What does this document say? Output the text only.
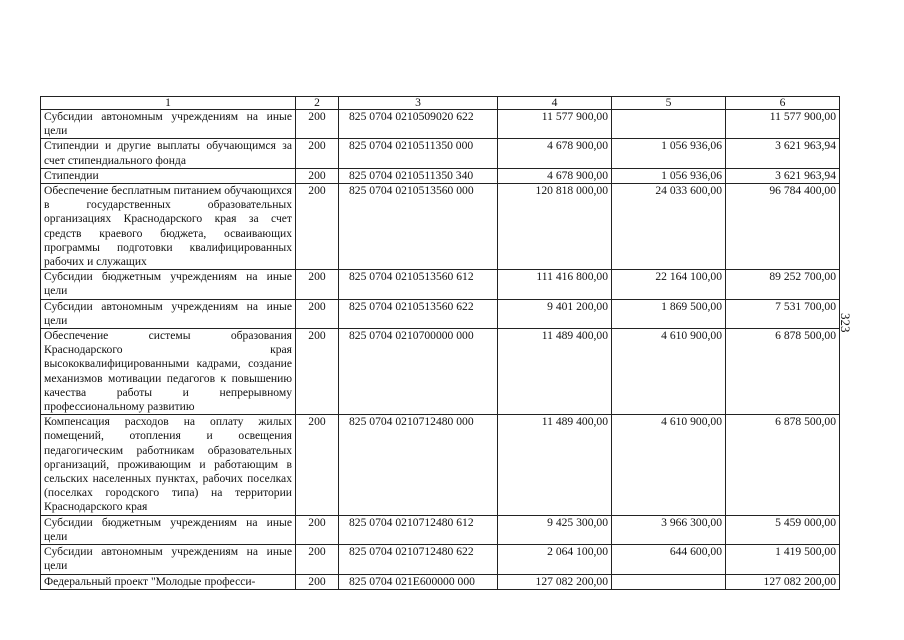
1	2	3	4	5	6
Субсидии автономным учреждениям на иные цели	200	825 0704 0210509020 622	11 577 900,00		11 577 900,00
Стипендии и другие выплаты обучающимся за счет стипендиального фонда	200	825 0704 0210511350 000	4 678 900,00	1 056 936,06	3 621 963,94
Стипендии	200	825 0704 0210511350 340	4 678 900,00	1 056 936,06	3 621 963,94
Обеспечение бесплатным питанием обучающихся в государственных образовательных организациях Краснодарского края за счет средств краевого бюджета, осваивающих программы подготовки квалифицированных рабочих и служащих	200	825 0704 0210513560 000	120 818 000,00	24 033 600,00	96 784 400,00
Субсидии бюджетным учреждениям на иные цели	200	825 0704 0210513560 612	111 416 800,00	22 164 100,00	89 252 700,00
Субсидии автономным учреждениям на иные цели	200	825 0704 0210513560 622	9 401 200,00	1 869 500,00	7 531 700,00
Обеспечение системы образования Краснодарского края высококвалифицированными кадрами, создание механизмов мотивации педагогов к повышению качества работы и непрерывному профессиональному развитию	200	825 0704 0210700000 000	11 489 400,00	4 610 900,00	6 878 500,00
Компенсация расходов на оплату жилых помещений, отопления и освещения педагогическим работникам образовательных организаций, проживающим и работающим в сельских населенных пунктах, рабочих поселках (поселках городского типа) на территории Краснодарского края	200	825 0704 0210712480 000	11 489 400,00	4 610 900,00	6 878 500,00
Субсидии бюджетным учреждениям на иные цели	200	825 0704 0210712480 612	9 425 300,00	3 966 300,00	5 459 000,00
Субсидии автономным учреждениям на иные цели	200	825 0704 0210712480 622	2 064 100,00	644 600,00	1 419 500,00
Федеральный проект "Молодые професси-	200	825 0704 021E600000 000	127 082 200,00		127 082 200,00
323
